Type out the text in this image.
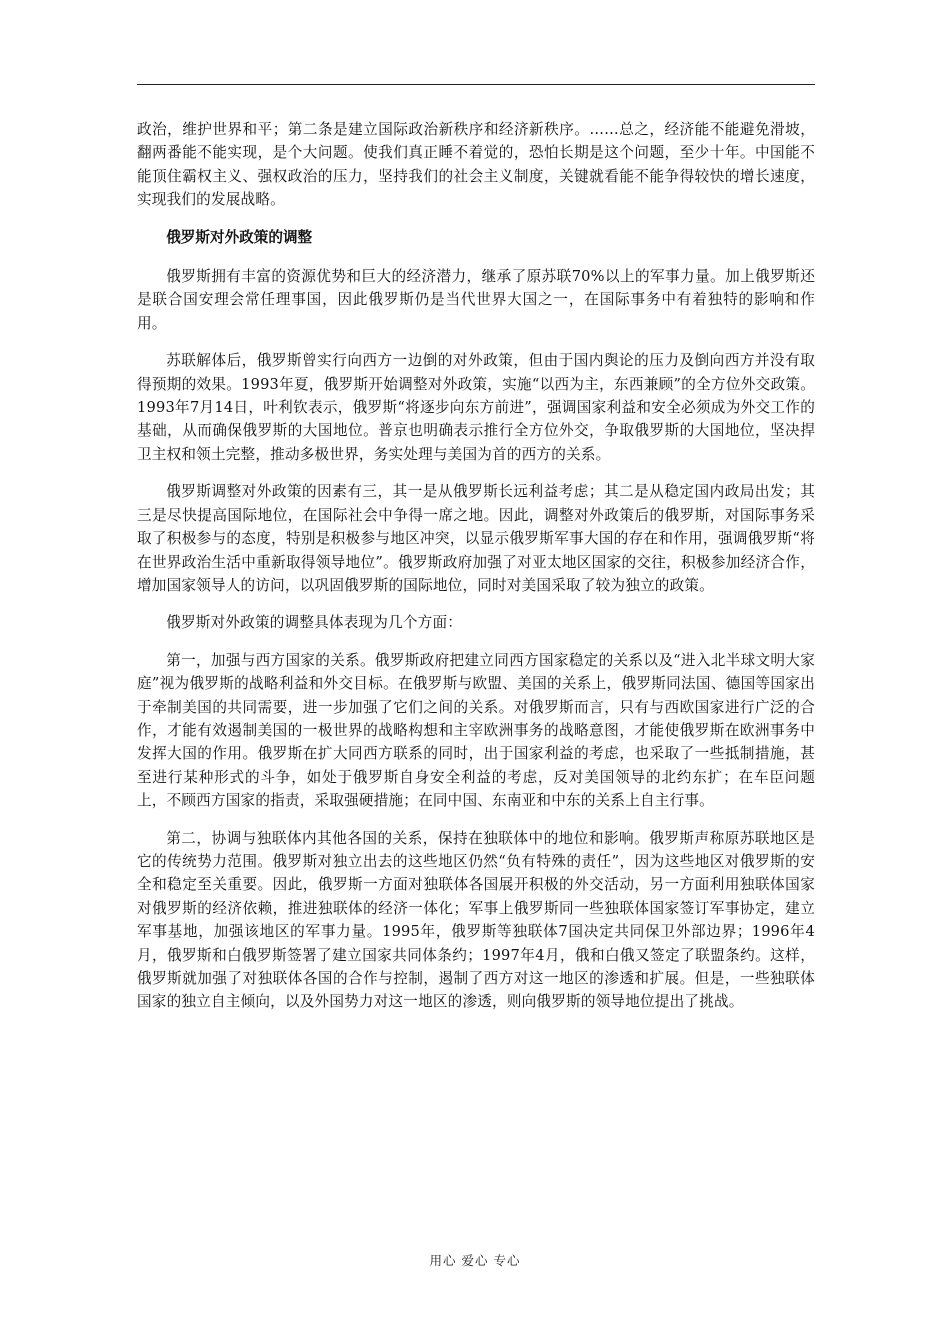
政治，维护世界和平；第二条是建立国际政治新秩序和经济新秩序。……总之，经济能不能避免滑坡，翻两番能不能实现，是个大问题。使我们真正睡不着觉的，恐怕长期是这个问题，至少十年。中国能不能顶住霸权主义、强权政治的压力，坚持我们的社会主义制度，关键就看能不能争得较快的增长速度，实现我们的发展战略。

俄罗斯对外政策的调整

俄罗斯拥有丰富的资源优势和巨大的经济潜力，继承了原苏联70%以上的军事力量。加上俄罗斯还是联合国安理会常任理事国，因此俄罗斯仍是当代世界大国之一，在国际事务中有着独特的影响和作用。

苏联解体后，俄罗斯曾实行向西方一边倒的对外政策，但由于国内舆论的压力及倒向西方并没有取得预期的效果。1993年夏，俄罗斯开始调整对外政策，实施“以西为主，东西兼顾”的全方位外交政策。1993年7月14日，叶利钦表示，俄罗斯“将逐步向东方前进”，强调国家利益和安全必须成为外交工作的基础，从而确保俄罗斯的大国地位。普京也明确表示推行全方位外交，争取俄罗斯的大国地位，坚决捍卫主权和领土完整，推动多极世界，务实处理与美国为首的西方的关系。

俄罗斯调整对外政策的因素有三，其一是从俄罗斯长远利益考虑；其二是从稳定国内政局出发；其三是尽快提高国际地位，在国际社会中争得一席之地。因此，调整对外政策后的俄罗斯，对国际事务采取了积极参与的态度，特别是积极参与地区冲突，以显示俄罗斯军事大国的存在和作用，强调俄罗斯“将在世界政治生活中重新取得领导地位”。俄罗斯政府加强了对亚太地区国家的交往，积极参加经济合作，增加国家领导人的访问，以巩固俄罗斯的国际地位，同时对美国采取了较为独立的政策。

俄罗斯对外政策的调整具体表现为几个方面：

第一，加强与西方国家的关系。俄罗斯政府把建立同西方国家稳定的关系以及“进入北半球文明大家庭”视为俄罗斯的战略利益和外交目标。在俄罗斯与欧盟、美国的关系上，俄罗斯同法国、德国等国家出于牵制美国的共同需要，进一步加强了它们之间的关系。对俄罗斯而言，只有与西欧国家进行广泛的合作，才能有效遏制美国的一极世界的战略构想和主宰欧洲事务的战略意图，才能使俄罗斯在欧洲事务中发挥大国的作用。俄罗斯在扩大同西方联系的同时，出于国家利益的考虑，也采取了一些抵制措施，甚至进行某种形式的斗争，如处于俄罗斯自身安全利益的考虑，反对美国领导的北约东扩；在车臣问题上，不顾西方国家的指责，采取强硬措施；在同中国、东南亚和中东的关系上自主行事。

第二，协调与独联体内其他各国的关系，保持在独联体中的地位和影响。俄罗斯声称原苏联地区是它的传统势力范围。俄罗斯对独立出去的这些地区仍然“负有特殊的责任”，因为这些地区对俄罗斯的安全和稳定至关重要。因此，俄罗斯一方面对独联体各国展开积极的外交活动，另一方面利用独联体国家对俄罗斯的经济依赖，推进独联体的经济一体化；军事上俄罗斯同一些独联体国家签订军事协定，建立军事基地，加强该地区的军事力量。1995年，俄罗斯等独联体7国决定共同保卫外部边界；1996年4月，俄罗斯和白俄罗斯签署了建立国家共同体条约；1997年4月，俄和白俄又签定了联盟条约。这样，俄罗斯就加强了对独联体各国的合作与控制，遏制了西方对这一地区的渗透和扩展。但是，一些独联体国家的独立自主倾向，以及外国势力对这一地区的渗透，则向俄罗斯的领导地位提出了挑战。

用心 爱心 专心
